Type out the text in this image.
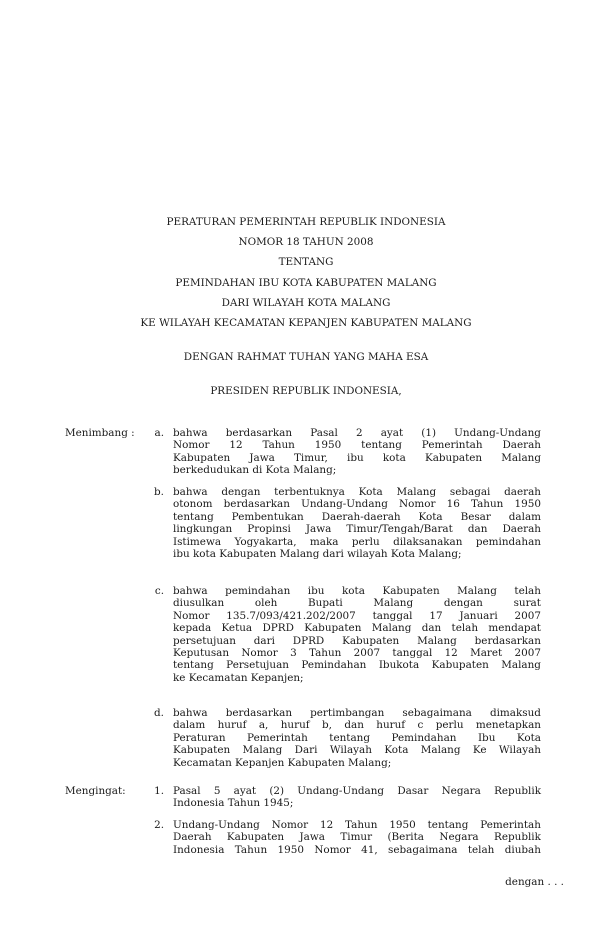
PERATURAN PEMERINTAH REPUBLIK INDONESIA
NOMOR 18 TAHUN 2008
TENTANG
PEMINDAHAN IBU KOTA KABUPATEN MALANG
DARI WILAYAH KOTA MALANG
KE WILAYAH KECAMATAN KEPANJEN KABUPATEN MALANG
DENGAN RAHMAT TUHAN YANG MAHA ESA
PRESIDEN REPUBLIK INDONESIA,
Menimbang : a. bahwa berdasarkan Pasal 2 ayat (1) Undang-Undang
Nomor 12 Tahun 1950 tentang Pemerintah Daerah
Kabupaten Jawa Timur, ibu kota Kabupaten Malang
berkedudukan di Kota Malang;
b. bahwa dengan terbentuknya Kota Malang sebagai daerah
otonom berdasarkan Undang-Undang Nomor 16 Tahun 1950
tentang Pembentukan Daerah-daerah Kota Besar dalam
lingkungan Propinsi Jawa Timur/Tengah/Barat dan Daerah
Istimewa Yogyakarta, maka perlu dilaksanakan pemindahan
ibu kota Kabupaten Malang dari wilayah Kota Malang;
c. bahwa pemindahan ibu kota Kabupaten Malang telah
diusulkan	oleh	Bupati	Malang	dengan	surat
Nomor 135.7/093/421.202/2007 tanggal 17 Januari 2007
kepada Ketua DPRD Kabupaten Malang dan telah mendapat
persetujuan dari DPRD Kabupaten Malang berdasarkan
Keputusan Nomor 3 Tahun 2007 tanggal 12 Maret 2007
tentang Persetujuan Pemindahan Ibukota Kabupaten Malang
ke Kecamatan Kepanjen;
d. bahwa berdasarkan pertimbangan sebagaimana dimaksud
dalam huruf a, huruf b, dan huruf c perlu menetapkan
Peraturan Pemerintah tentang Pemindahan Ibu Kota
Kabupaten Malang Dari Wilayah Kota Malang Ke Wilayah
Kecamatan Kepanjen Kabupaten Malang;
Mengingat:	1. Pasal 5 ayat (2) Undang-Undang Dasar Negara Republik
Indonesia Tahun 1945;
2. Undang-Undang Nomor 12 Tahun 1950 tentang Pemerintah
Daerah Kabupaten Jawa Timur (Berita Negara Republik
Indonesia Tahun 1950 Nomor 41, sebagaimana telah diubah
dengan . . .
